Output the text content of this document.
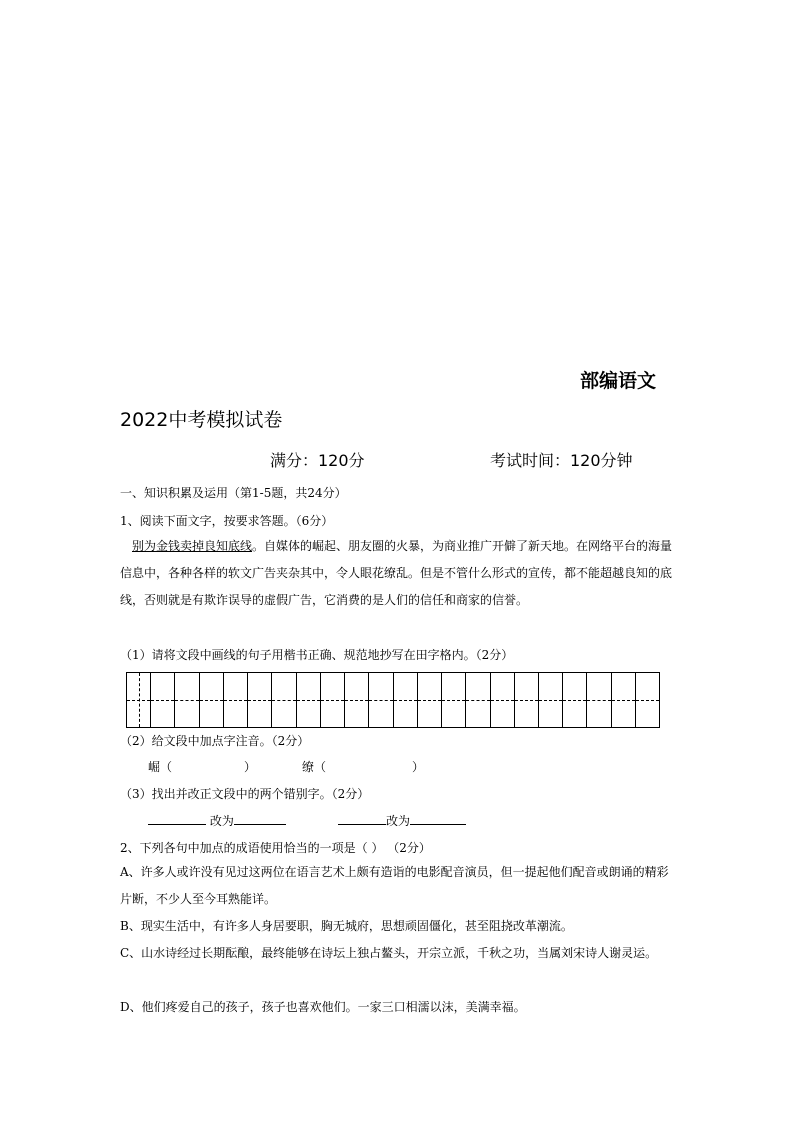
部编语文
2022中考模拟试卷
满分：120分	考试时间：120分钟
一、知识积累及运用（第1-5题，共24分）
1、阅读下面文字，按要求答题。（6分）
别为金钱卖掉良知底线。自媒体的崛起、朋友圈的火暴，为商业推广开僻了新天地。在网络平台的海量信息中，各种各样的软文广告夹杂其中，令人眼花缭乱。但是不管什么形式的宣传，都不能超越良知的底线，否则就是有欺诈误导的虚假广告，它消费的是人们的信任和商家的信誉。
（1）请将文段中画线的句子用楷书正确、规范地抄写在田字格内。（2分）
（2）给文段中加点字注音。（2分）
崛（	）	缭（	）
（3）找出并改正文段中的两个错别字。（2分）
改为	改为
2、下列各句中加点的成语使用恰当的一项是（ ） （2分）
A、许多人或许没有见过这两位在语言艺术上颇有造诣的电影配音演员，但一提起他们配音或朗诵的精彩片断，不少人至今耳熟能详。
B、现实生活中，有许多人身居要职，胸无城府，思想顽固僵化，甚至阻挠改革潮流。
C、山水诗经过长期酝酿，最终能够在诗坛上独占鳌头，开宗立派，千秋之功，当属刘宋诗人谢灵运。
D、他们疼爱自己的孩子，孩子也喜欢他们。一家三口相濡以沫，美满幸福。
